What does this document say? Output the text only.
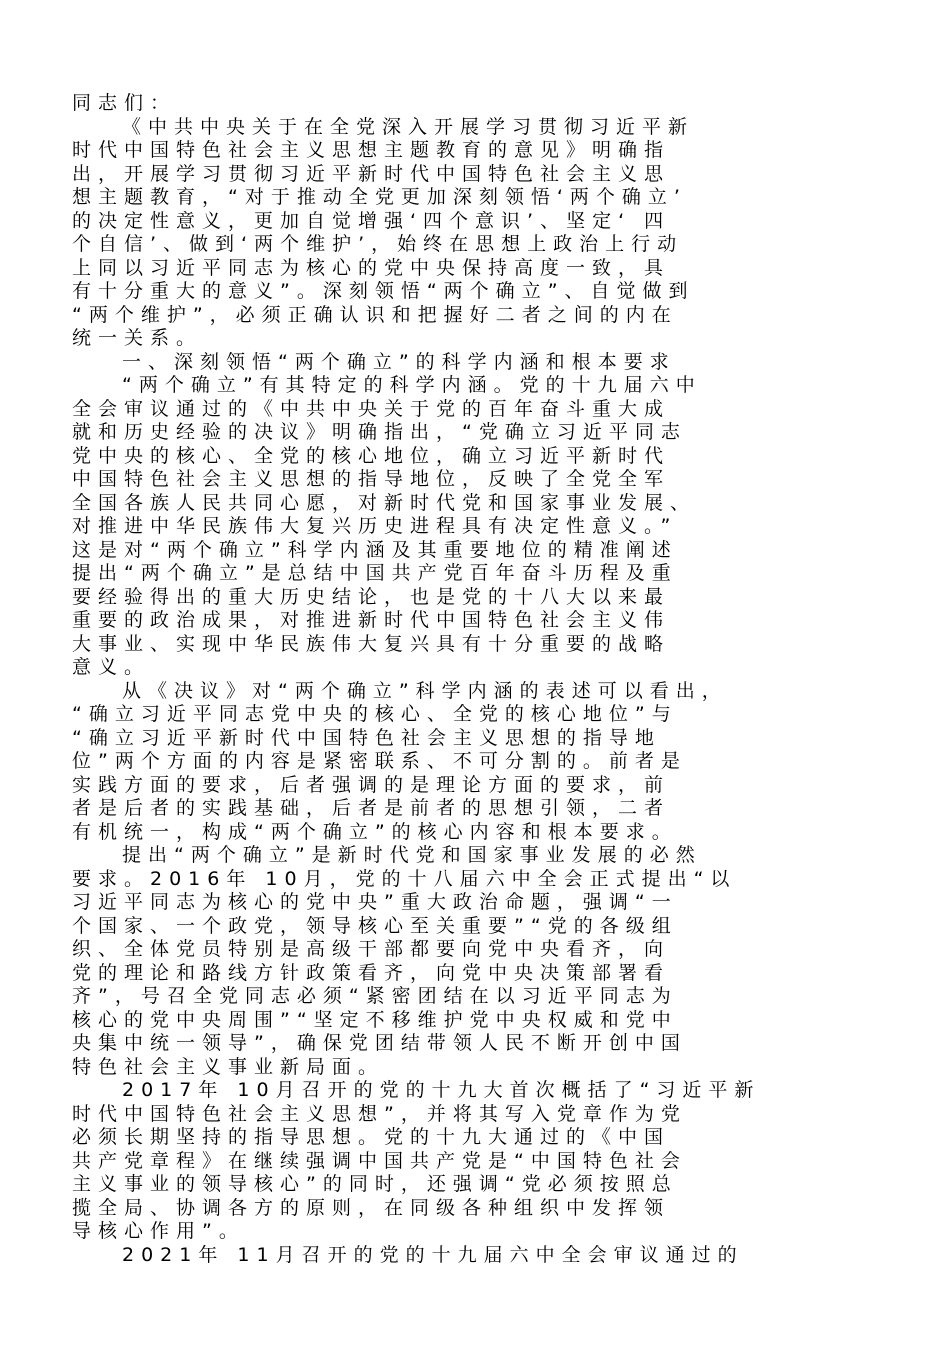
同志们：
《中共中央关于在全党深入开展学习贯彻习近平新
时代中国特色社会主义思想主题教育的意见》明确指
出，开展学习贯彻习近平新时代中国特色社会主义思
想主题教育，“对于推动全党更加深刻领悟‘两个确立’
的决定性意义，更加自觉增强‘四个意识’、坚定‘ 四
个自信’、做到‘两个维护’，始终在思想上政治上行动
上同以习近平同志为核心的党中央保持高度一致，具
有十分重大的意义”。深刻领悟“两个确立”、自觉做到
“两个维护”，必须正确认识和把握好二者之间的内在
统一关系。
一、深刻领悟“两个确立”的科学内涵和根本要求
“两个确立”有其特定的科学内涵。党的十九届六中
全会审议通过的《中共中央关于党的百年奋斗重大成
就和历史经验的决议》明确指出，“党确立习近平同志
党中央的核心、全党的核心地位，确立习近平新时代
中国特色社会主义思想的指导地位，反映了全党全军
全国各族人民共同心愿，对新时代党和国家事业发展、
对推进中华民族伟大复兴历史进程具有决定性意义。”
这是对“两个确立”科学内涵及其重要地位的精准阐述
提出“两个确立”是总结中国共产党百年奋斗历程及重
要经验得出的重大历史结论，也是党的十八大以来最
重要的政治成果，对推进新时代中国特色社会主义伟
大事业、实现中华民族伟大复兴具有十分重要的战略
意义。
从《决议》对“两个确立”科学内涵的表述可以看出，
“确立习近平同志党中央的核心、全党的核心地位”与
“确立习近平新时代中国特色社会主义思想的指导地
位”两个方面的内容是紧密联系、不可分割的。前者是
实践方面的要求，后者强调的是理论方面的要求，前
者是后者的实践基础，后者是前者的思想引领，二者
有机统一，构成“两个确立”的核心内容和根本要求。
提出“两个确立”是新时代党和国家事业发展的必然
要求。2016年 10月，党的十八届六中全会正式提出“以
习近平同志为核心的党中央”重大政治命题，强调“一
个国家、一个政党，领导核心至关重要”“党的各级组
织、全体党员特别是高级干部都要向党中央看齐，向
党的理论和路线方针政策看齐，向党中央决策部署看
齐”，号召全党同志必须“紧密团结在以习近平同志为
核心的党中央周围”“坚定不移维护党中央权威和党中
央集中统一领导”，确保党团结带领人民不断开创中国
特色社会主义事业新局面。
2017年 10月召开的党的十九大首次概括了“习近平新
时代中国特色社会主义思想”，并将其写入党章作为党
必须长期坚持的指导思想。党的十九大通过的《中国
共产党章程》在继续强调中国共产党是“中国特色社会
主义事业的领导核心”的同时，还强调“党必须按照总
揽全局、协调各方的原则，在同级各种组织中发挥领
导核心作用”。
2021年 11月召开的党的十九届六中全会审议通过的
